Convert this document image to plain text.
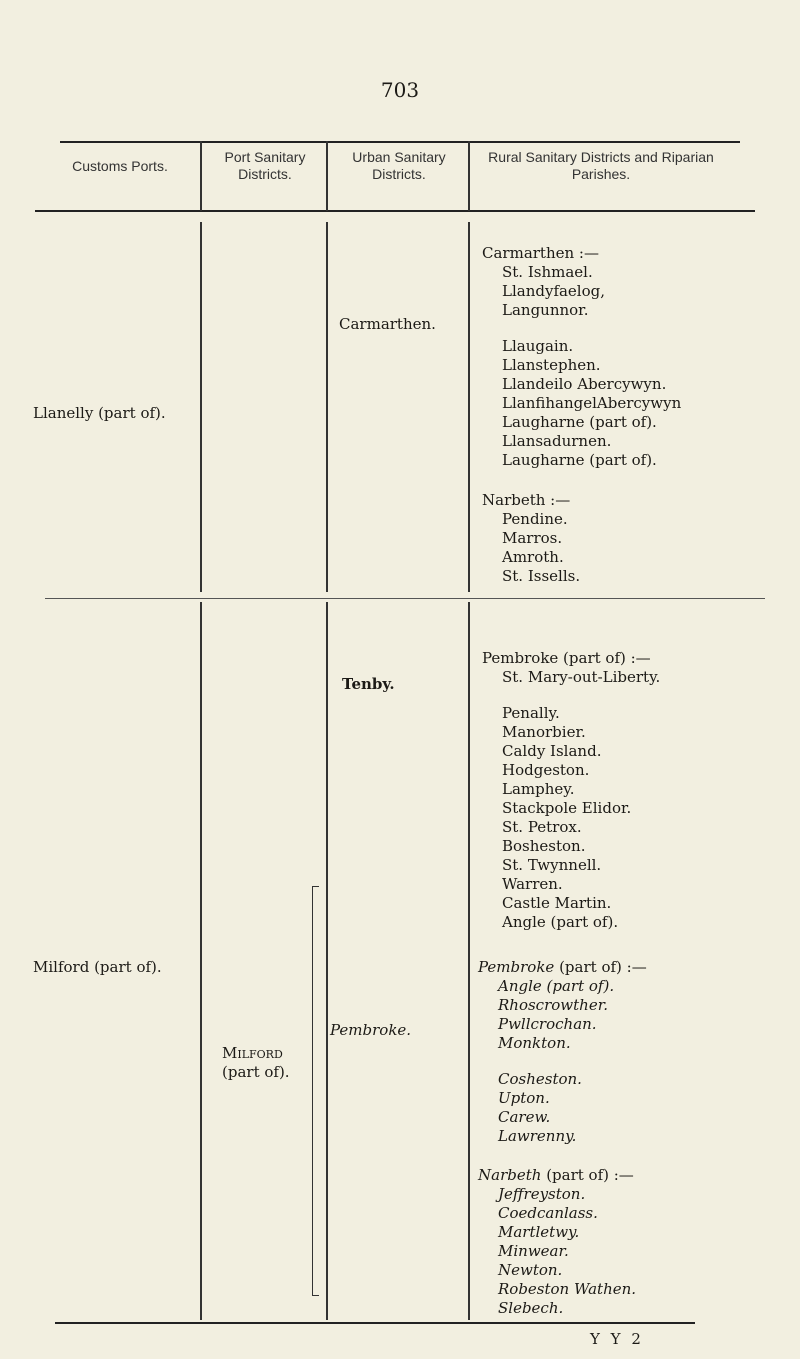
703
Customs Ports.
Port Sanitary Districts.
Urban Sanitary Districts.
Rural Sanitary Districts and Riparian Parishes.
Llanelly (part of).
Carmarthen.
Carmarthen :—
St. Ishmael.
Llandyfaelog,
Langunnor.
Llaugain.
Llanstephen.
Llandeilo Abercywyn.
LlanfihangelAbercywyn
Laugharne (part of).
Llansadurnen.
Laugharne (part of).
Narbeth :—
Pendine.
Marros.
Amroth.
St. Issells.
Milford (part of).
Milford
(part of).
Tenby.
Pembroke.
Pembroke (part of) :—
St. Mary-out-Liberty.
Penally.
Manorbier.
Caldy Island.
Hodgeston.
Lamphey.
Stackpole Elidor.
St. Petrox.
Bosheston.
St. Twynnell.
Warren.
Castle Martin.
Angle (part of).
Pembroke (part of) :—
Angle (part of).
Rhoscrowther.
Pwllcrochan.
Monkton.
Cosheston.
Upton.
Carew.
Lawrenny.
Narbeth (part of) :—
Jeffreyston.
Coedcanlass.
Martletwy.
Minwear.
Newton.
Robeston Wathen.
Slebech.
Y Y 2
